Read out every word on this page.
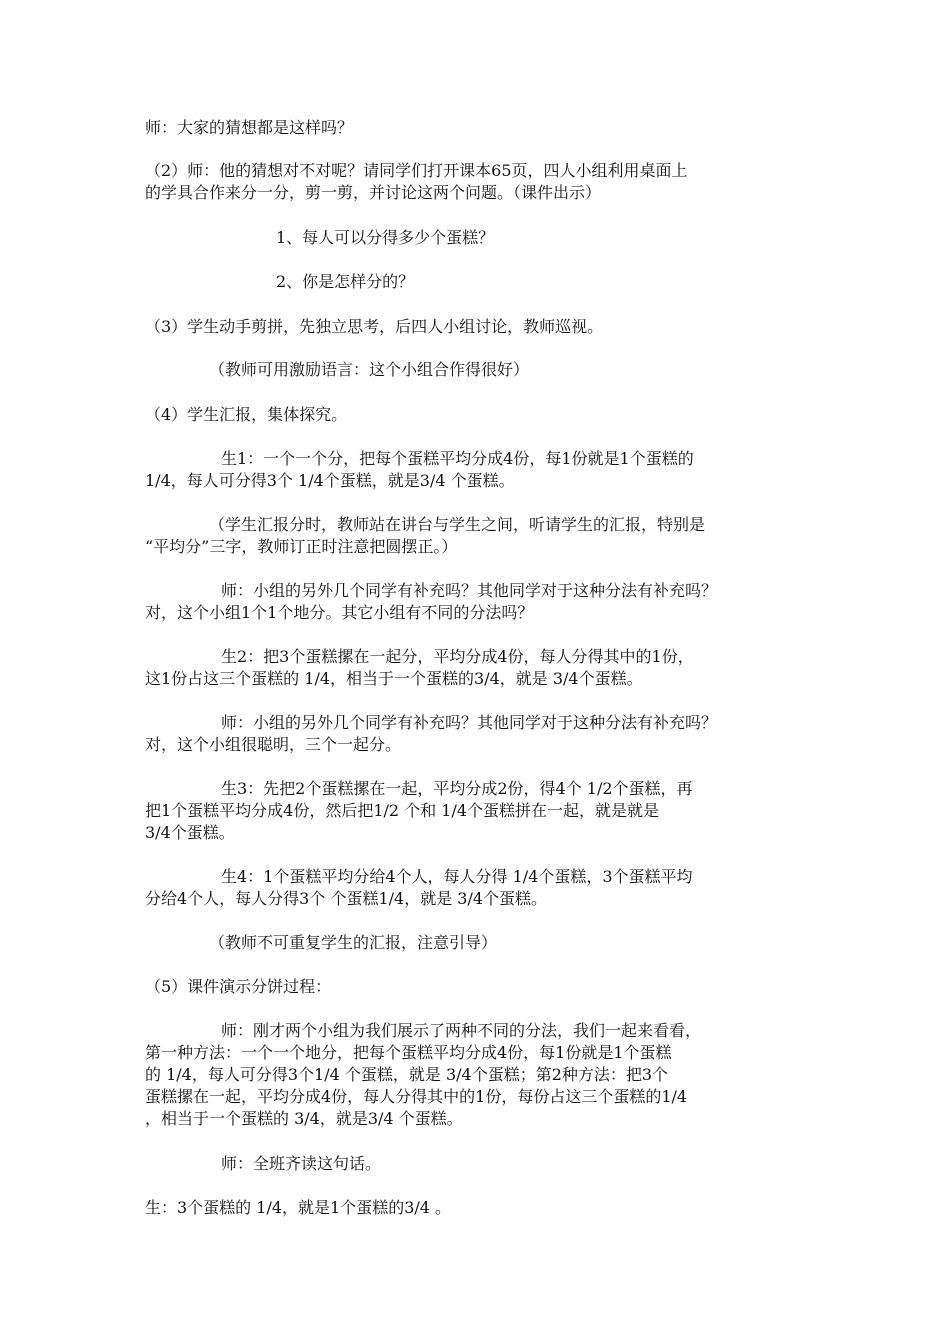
师：大家的猜想都是这样吗？
（2）师：他的猜想对不对呢？请同学们打开课本65页，四人小组利用桌面上
的学具合作来分一分，剪一剪，并讨论这两个问题。（课件出示）
1、每人可以分得多少个蛋糕？
2、你是怎样分的？
（3）学生动手剪拼，先独立思考，后四人小组讨论，教师巡视。
（教师可用激励语言：这个小组合作得很好）
（4）学生汇报，集体探究。
生1：一个一个分，把每个蛋糕平均分成4份，每1份就是1个蛋糕的
1/4，每人可分得3个 1/4个蛋糕，就是3/4 个蛋糕。
（学生汇报分时，教师站在讲台与学生之间，听请学生的汇报，特别是
“平均分”三字，教师订正时注意把圆摆正。）
师：小组的另外几个同学有补充吗？其他同学对于这种分法有补充吗？
对，这个小组1个1个地分。其它小组有不同的分法吗？
生2：把3个蛋糕摞在一起分，平均分成4份，每人分得其中的1份，
这1份占这三个蛋糕的 1/4，相当于一个蛋糕的3/4，就是 3/4个蛋糕。
师：小组的另外几个同学有补充吗？其他同学对于这种分法有补充吗？
对，这个小组很聪明，三个一起分。
生3：先把2个蛋糕摞在一起，平均分成2份，得4个 1/2个蛋糕，再
把1个蛋糕平均分成4份，然后把1/2 个和 1/4个蛋糕拼在一起，就是就是
3/4个蛋糕。
生4：1个蛋糕平均分给4个人，每人分得 1/4个蛋糕，3个蛋糕平均
分给4个人，每人分得3个 个蛋糕1/4，就是 3/4个蛋糕。
（教师不可重复学生的汇报，注意引导）
（5）课件演示分饼过程：
师：刚才两个小组为我们展示了两种不同的分法，我们一起来看看，
第一种方法：一个一个地分，把每个蛋糕平均分成4份，每1份就是1个蛋糕
的 1/4，每人可分得3个1/4 个蛋糕，就是 3/4个蛋糕；第2种方法：把3个
蛋糕摞在一起，平均分成4份，每人分得其中的1份，每份占这三个蛋糕的1/4
，相当于一个蛋糕的 3/4，就是3/4 个蛋糕。
师：全班齐读这句话。
生：3个蛋糕的 1/4，就是1个蛋糕的3/4 。
